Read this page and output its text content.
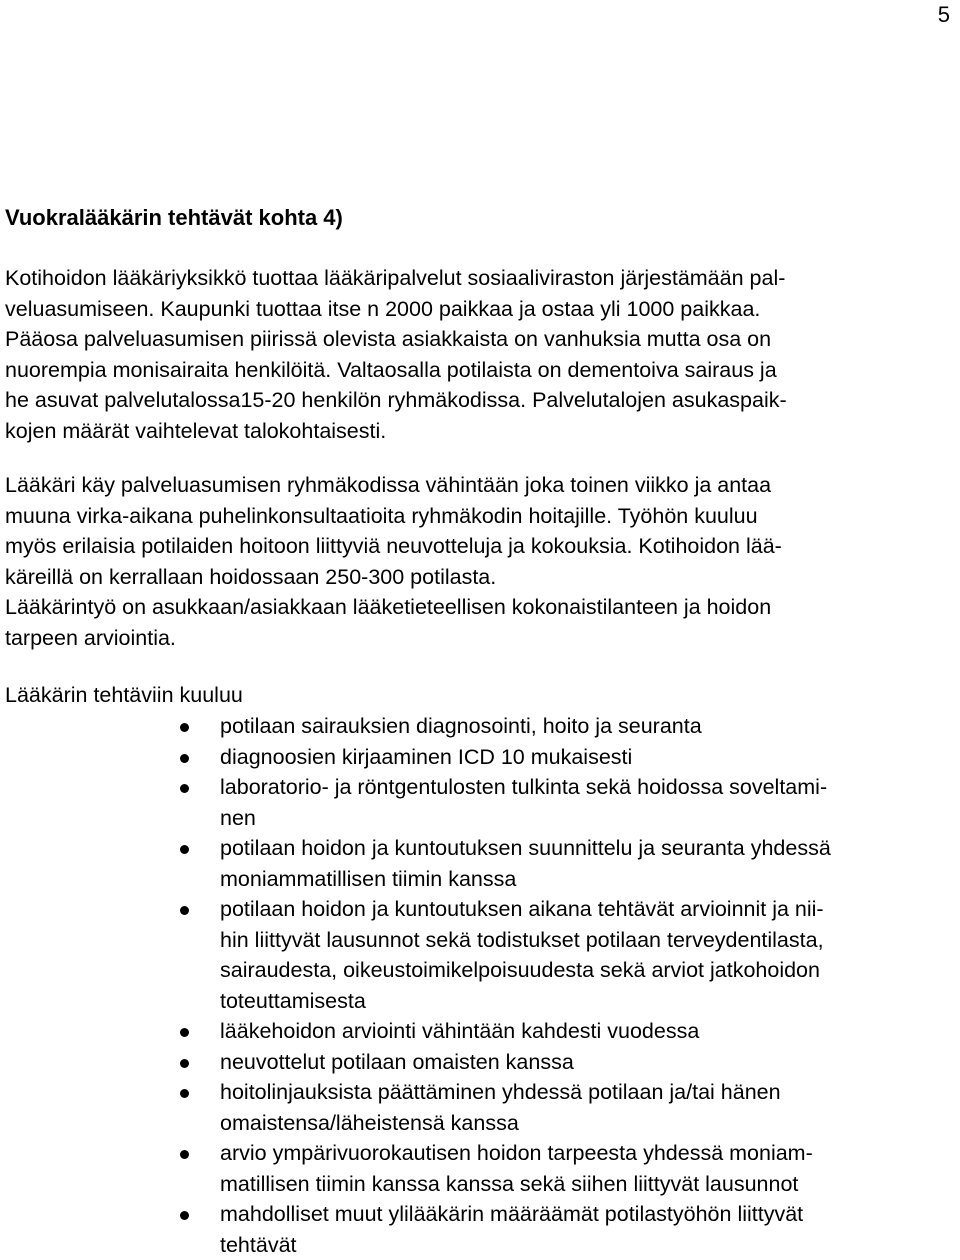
5
Vuokralääkärin tehtävät kohta 4)

Kotihoidon lääkäriyksikkö tuottaa lääkäripalvelut sosiaaliviraston järjestämään pal-
veluasumiseen. Kaupunki tuottaa itse n 2000 paikkaa ja ostaa yli 1000 paikkaa.
Pääosa palveluasumisen piirissä olevista asiakkaista on vanhuksia mutta osa on
nuorempia monisairaita henkilöitä. Valtaosalla potilaista on dementoiva sairaus ja
he asuvat palvelutalossa15-20 henkilön ryhmäkodissa. Palvelutalojen asukaspaik-
kojen määrät vaihtelevat talokohtaisesti.

Lääkäri käy palveluasumisen ryhmäkodissa vähintään joka toinen viikko ja antaa
muuna virka-aikana puhelinkonsultaatioita ryhmäkodin hoitajille. Työhön kuuluu
myös erilaisia potilaiden hoitoon liittyviä neuvotteluja ja kokouksia. Kotihoidon lää-
käreillä on kerrallaan hoidossaan 250-300 potilasta.
Lääkärintyö on asukkaan/asiakkaan lääketieteellisen kokonaistilanteen ja hoidon
tarpeen arviointia.

Lääkärin tehtäviin kuuluu

potilaan sairauksien diagnosointi, hoito ja seuranta
diagnoosien kirjaaminen ICD 10 mukaisesti
laboratorio- ja röntgentulosten tulkinta sekä hoidossa soveltami-
nen
potilaan hoidon ja kuntoutuksen suunnittelu ja seuranta yhdessä
moniammatillisen tiimin kanssa
potilaan hoidon ja kuntoutuksen aikana tehtävät arvioinnit ja nii-
hin liittyvät lausunnot sekä todistukset potilaan terveydentilasta,
sairaudesta, oikeustoimikelpoisuudesta sekä arviot jatkohoidon
toteuttamisesta
lääkehoidon arviointi vähintään kahdesti vuodessa
neuvottelut potilaan omaisten kanssa
hoitolinjauksista päättäminen yhdessä potilaan ja/tai hänen
omaistensa/läheistensä kanssa
arvio ympärivuorokautisen hoidon tarpeesta yhdessä moniam-
matillisen tiimin kanssa kanssa sekä siihen liittyvät lausunnot
mahdolliset muut ylilääkärin määräämät potilastyöhön liittyvät
tehtävät
